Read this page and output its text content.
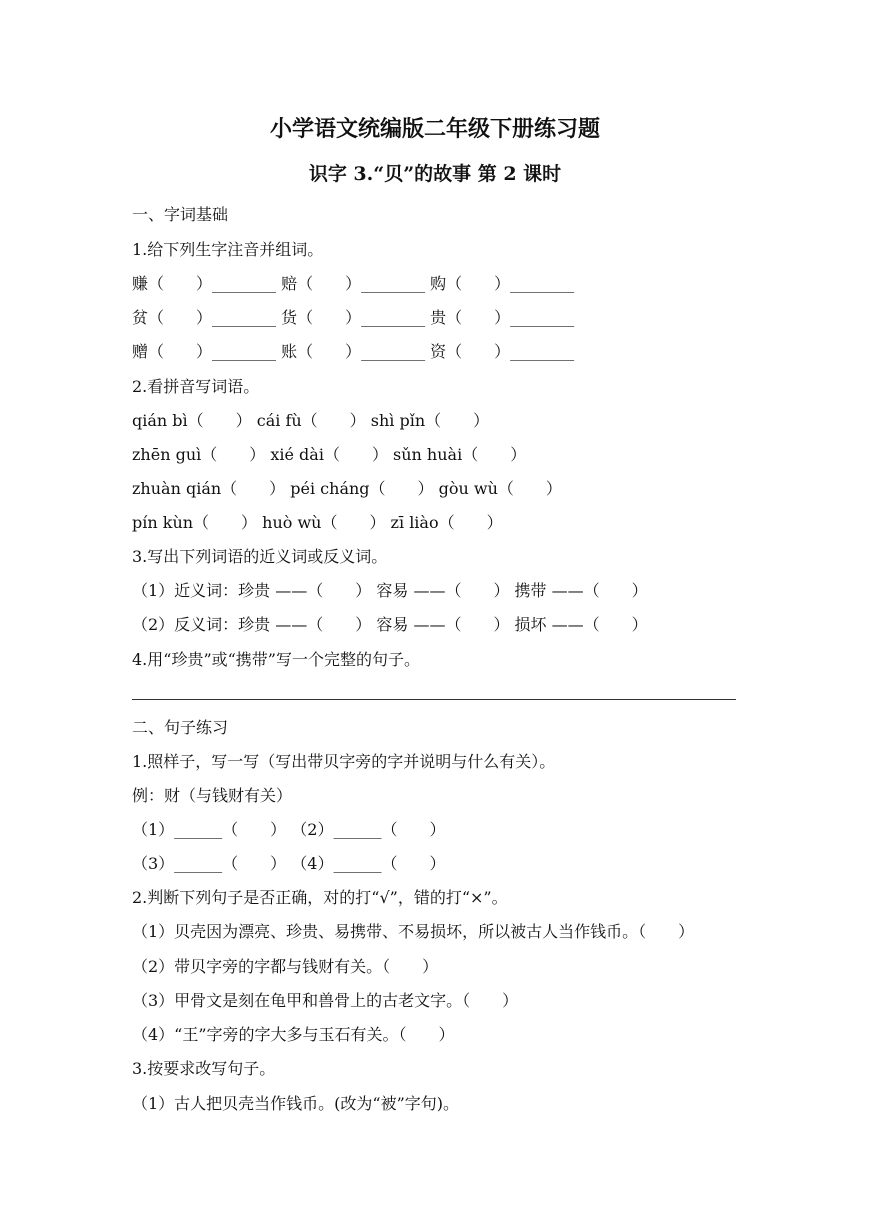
小学语文统编版二年级下册练习题
识字 3.“贝”的故事 第 2 课时
一、字词基础
1.给下列生字注音并组词。
赚（　　）________ 赔（　　）________ 购（　　）________
贫（　　）________ 货（　　）________ 贵（　　）________
赠（　　）________ 账（　　）________ 资（　　）________
2.看拼音写词语。
qián bì（　　） cái fù（　　） shì pǐn（　　）
zhēn guì（　　） xié dài（　　） sǔn huài（　　）
zhuàn qián（　　） péi cháng（　　） gòu wù（　　）
pín kùn（　　） huò wù（　　） zī liào（　　）
3.写出下列词语的近义词或反义词。
（1）近义词：珍贵 ——（　　） 容易 ——（　　） 携带 ——（　　）
（2）反义词：珍贵 ——（　　） 容易 ——（　　） 损坏 ——（　　）
4.用“珍贵”或“携带”写一个完整的句子。
二、句子练习
1.照样子，写一写（写出带贝字旁的字并说明与什么有关）。
例：财（与钱财有关）
（1）______（　　） （2）______（　　）
（3）______（　　） （4）______（　　）
2.判断下列句子是否正确，对的打“√”，错的打“×”。
（1）贝壳因为漂亮、珍贵、易携带、不易损坏，所以被古人当作钱币。（　　）
（2）带贝字旁的字都与钱财有关。（　　）
（3）甲骨文是刻在龟甲和兽骨上的古老文字。（　　）
（4）“王”字旁的字大多与玉石有关。（　　）
3.按要求改写句子。
（1）古人把贝壳当作钱币。(改为“被”字句)。
